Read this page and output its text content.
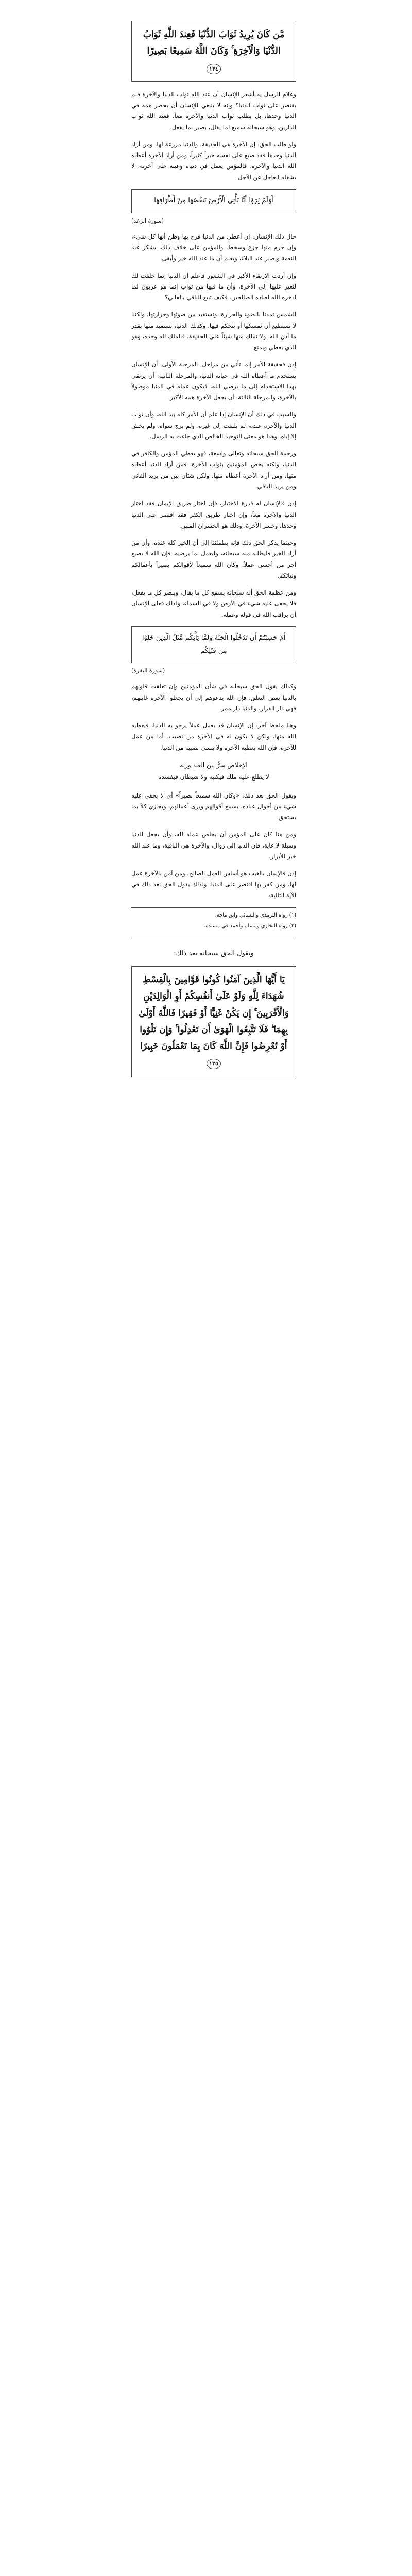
مَّن كَانَ يُرِيدُ ثَوَابَ الدُّنْيَا فَعِندَ اللَّهِ ثَوَابُ الدُّنْيَا وَالْآخِرَةِ ۚ وَكَانَ اللَّهُ سَمِيعًا بَصِيرًا ١٣٤

وعلام الرسل يه أشعر الإنسان أن عند الله ثواب الدنيا والآخرة فلم يقتصر على ثواب الدنيا؟ وإنه لا ينبغي للإنسان أن يحصر همه في الدنيا وحدها، بل يطلب ثواب الدنيا والآخرة معاً، فعند الله ثواب الدارين، وهو سبحانه سميع لما يقال، بصير بما يفعل.

ولو طلب الحق: إن الآخرة هي الحقيقة، والدنيا مزرعة لها، ومن أراد الدنيا وحدها فقد ضيع على نفسه خيراً كثيراً، ومن أراد الآخرة أعطاه الله الدنيا والآخرة. فالمؤمن يعمل في دنياه وعينه على آخرته، لا يشغله العاجل عن الآجل.

أَوَلَمْ يَرَوْا أَنَّا نَأْتِي الْأَرْضَ نَنقُصُهَا مِنْ أَطْرَافِهَا
(سورة الرعد)

حال ذلك الإنسان: إن أعطي من الدنيا فرح بها وظن أنها كل شيء، وإن حرم منها جزع وسخط. والمؤمن على خلاف ذلك، يشكر عند النعمة ويصبر عند البلاء، ويعلم أن ما عند الله خير وأبقى.

وإن أردت الارتقاء الأكبر في الشعور فاعلم أن الدنيا إنما خلقت لك لتعبر عليها إلى الآخرة، وأن ما فيها من ثواب إنما هو عربون لما ادخره الله لعباده الصالحين. فكيف تبيع الباقي بالفاني؟

الشمس تمدنا بالضوء والحرارة، ونستفيد من ضوئها وحرارتها، ولكننا لا نستطيع أن نمسكها أو نتحكم فيها، وكذلك الدنيا، نستفيد منها بقدر ما أذن الله، ولا نملك منها شيئاً على الحقيقة، فالملك لله وحده، وهو الذي يعطي ويمنع.

إذن فحقيقة الأمر إنما تأتي من مراحل: المرحلة الأولى: أن الإنسان يستخدم ما أعطاه الله في حياته الدنيا، والمرحلة الثانية: أن يرتقي بهذا الاستخدام إلى ما يرضي الله، فيكون عمله في الدنيا موصولاً بالآخرة، والمرحلة الثالثة: أن يجعل الآخرة همه الأكبر.

والسبب في ذلك أن الإنسان إذا علم أن الأمر كله بيد الله، وأن ثواب الدنيا والآخرة عنده، لم يلتفت إلى غيره، ولم يرج سواه، ولم يخش إلا إياه. وهذا هو معنى التوحيد الخالص الذي جاءت به الرسل.

ورحمة الحق سبحانه وتعالى واسعة، فهو يعطي المؤمن والكافر في الدنيا، ولكنه يخص المؤمنين بثواب الآخرة، فمن أراد الدنيا أعطاه منها، ومن أراد الآخرة أعطاه منها، ولكن شتان بين من يريد الفاني ومن يريد الباقي.

إذن فالإنسان له قدرة الاختيار، فإن اختار طريق الإيمان فقد اختار الدنيا والآخرة معاً، وإن اختار طريق الكفر فقد اقتصر على الدنيا وحدها، وخسر الآخرة، وذلك هو الخسران المبين.

وحينما يذكر الحق ذلك فإنه يطمئننا إلى أن الخير كله عنده، وأن من أراد الخير فليطلبه منه سبحانه، وليعمل بما يرضيه، فإن الله لا يضيع أجر من أحسن عملاً. وكان الله سميعاً لأقوالكم بصيراً بأعمالكم ونياتكم.

ومن عظمة الحق أنه سبحانه يسمع كل ما يقال، ويبصر كل ما يفعل، فلا يخفى عليه شيء في الأرض ولا في السماء، ولذلك فعلى الإنسان أن يراقب الله في قوله وعمله.

أَمْ حَسِبْتُمْ أَن تَدْخُلُوا الْجَنَّةَ وَلَمَّا يَأْتِكُم مَّثَلُ الَّذِينَ خَلَوْا مِن قَبْلِكُم
(سورة البقرة)

وكذلك يقول الحق سبحانه في شأن المؤمنين وإن تعلقت قلوبهم بالدنيا بعض التعلق، فإن الله يدعوهم إلى أن يجعلوا الآخرة غايتهم، فهي دار القرار، والدنيا دار ممر.

وهنا ملحظ آخر: إن الإنسان قد يعمل عملاً يرجو به الدنيا، فيعطيه الله منها، ولكن لا يكون له في الآخرة من نصيب. أما من عمل للآخرة، فإن الله يعطيه الآخرة ولا ينسى نصيبه من الدنيا.

الإخلاص سرٌّ بين العبد وربه
لا يطلع عليه ملك فيكتبه ولا شيطان فيفسده

ويقول الحق بعد ذلك: «وكان الله سميعاً بصيراً» أي لا يخفى عليه شيء من أحوال عباده، يسمع أقوالهم ويرى أعمالهم، ويجازي كلاً بما يستحق.

ومن هنا كان على المؤمن أن يخلص عمله لله، وأن يجعل الدنيا وسيلة لا غاية، فإن الدنيا إلى زوال، والآخرة هي الباقية، وما عند الله خير للأبرار.

إذن فالإيمان بالغيب هو أساس العمل الصالح، ومن آمن بالآخرة عمل لها، ومن كفر بها اقتصر على الدنيا. ولذلك يقول الحق بعد ذلك في الآية التالية:

(١) رواه الترمذي والنسائي وابن ماجه.

(٢) رواه البخاري ومسلم وأحمد في مسنده.

ويقول الحق سبحانه بعد ذلك:

يَا أَيُّهَا الَّذِينَ آمَنُوا كُونُوا قَوَّامِينَ بِالْقِسْطِ شُهَدَاءَ لِلَّهِ وَلَوْ عَلَىٰ أَنفُسِكُمْ أَوِ الْوَالِدَيْنِ وَالْأَقْرَبِينَ ۚ إِن يَكُنْ غَنِيًّا أَوْ فَقِيرًا فَاللَّهُ أَوْلَىٰ بِهِمَا ۖ فَلَا تَتَّبِعُوا الْهَوَىٰ أَن تَعْدِلُوا ۚ وَإِن تَلْوُوا أَوْ تُعْرِضُوا فَإِنَّ اللَّهَ كَانَ بِمَا تَعْمَلُونَ خَبِيرًا ١٣٥
